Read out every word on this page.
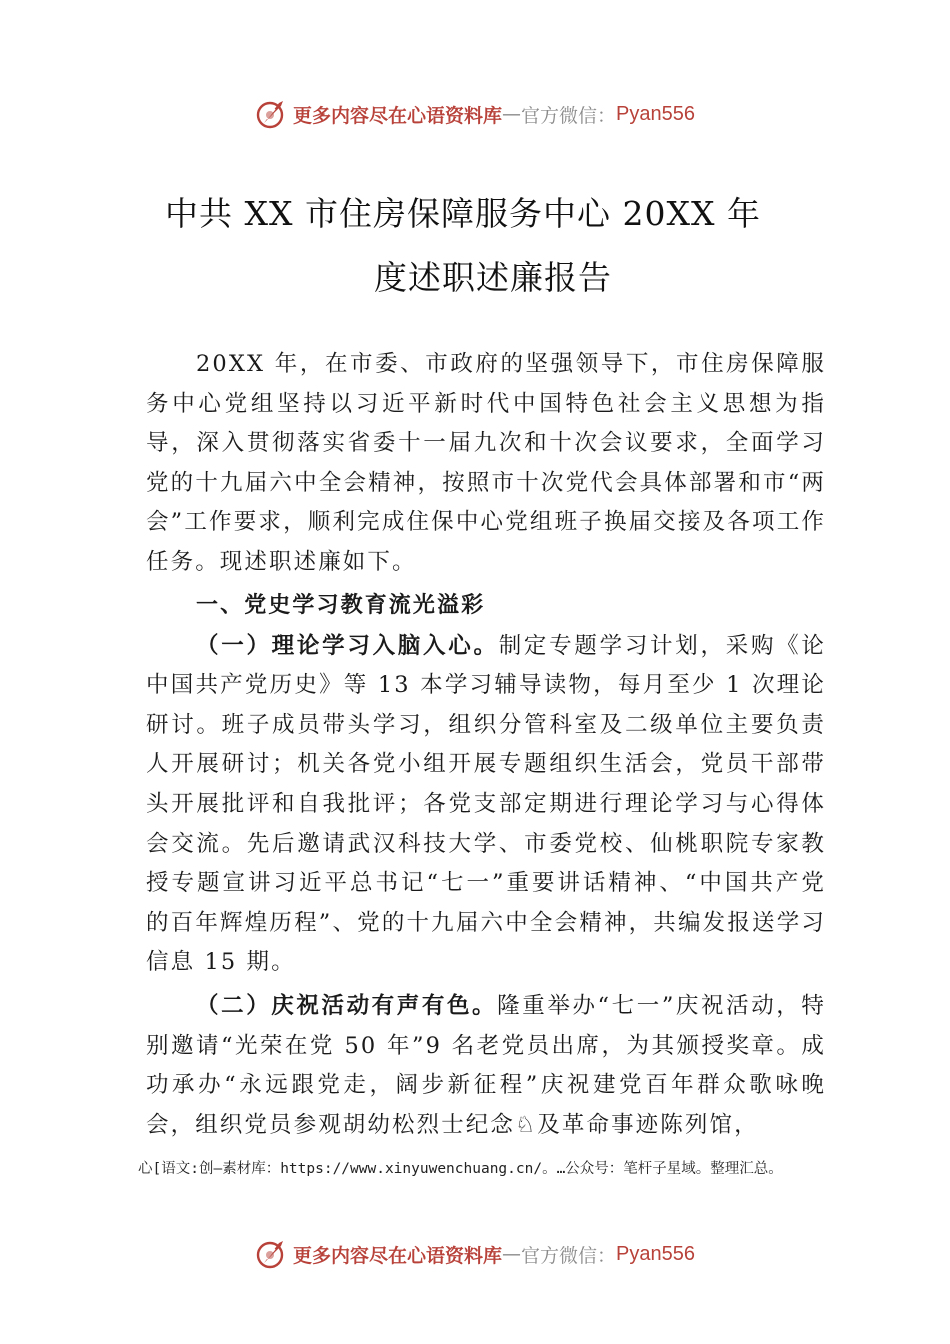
更多内容尽在心语资料库 — 官方微信： Pyan556
中共 XX 市住房保障服务中心 20XX 年
度述职述廉报告

20XX 年，在市委、市政府的坚强领导下，市住房保障服务中心党组坚持以习近平新时代中国特色社会主义思想为指导，深入贯彻落实省委十一届九次和十次会议要求，全面学习党的十九届六中全会精神，按照市十次党代会具体部署和市“两会”工作要求，顺利完成住保中心党组班子换届交接及各项工作任务。现述职述廉如下。

一、党史学习教育流光溢彩

（一）理论学习入脑入心。制定专题学习计划，采购《论中国共产党历史》等 13 本学习辅导读物，每月至少 1 次理论研讨。班子成员带头学习，组织分管科室及二级单位主要负责人开展研讨；机关各党小组开展专题组织生活会，党员干部带头开展批评和自我批评；各党支部定期进行理论学习与心得体会交流。先后邀请武汉科技大学、市委党校、仙桃职院专家教授专题宣讲习近平总书记“七一”重要讲话精神、“中国共产党的百年辉煌历程”、党的十九届六中全会精神，共编发报送学习信息 15 期。

（二）庆祝活动有声有色。隆重举办“七一”庆祝活动，特别邀请“光荣在党 50 年”9 名老党员出席，为其颁授奖章。成功承办“永远跟党走，阔步新征程”庆祝建党百年群众歌咏晚会，组织党员参观胡幼松烈士纪念♘及革命事迹陈列馆，

心[语文:创—素材库：https://www.xinyuwenchuang.cn/。…公众号：笔杆子星域。整理汇总。
更多内容尽在心语资料库 — 官方微信： Pyan556
